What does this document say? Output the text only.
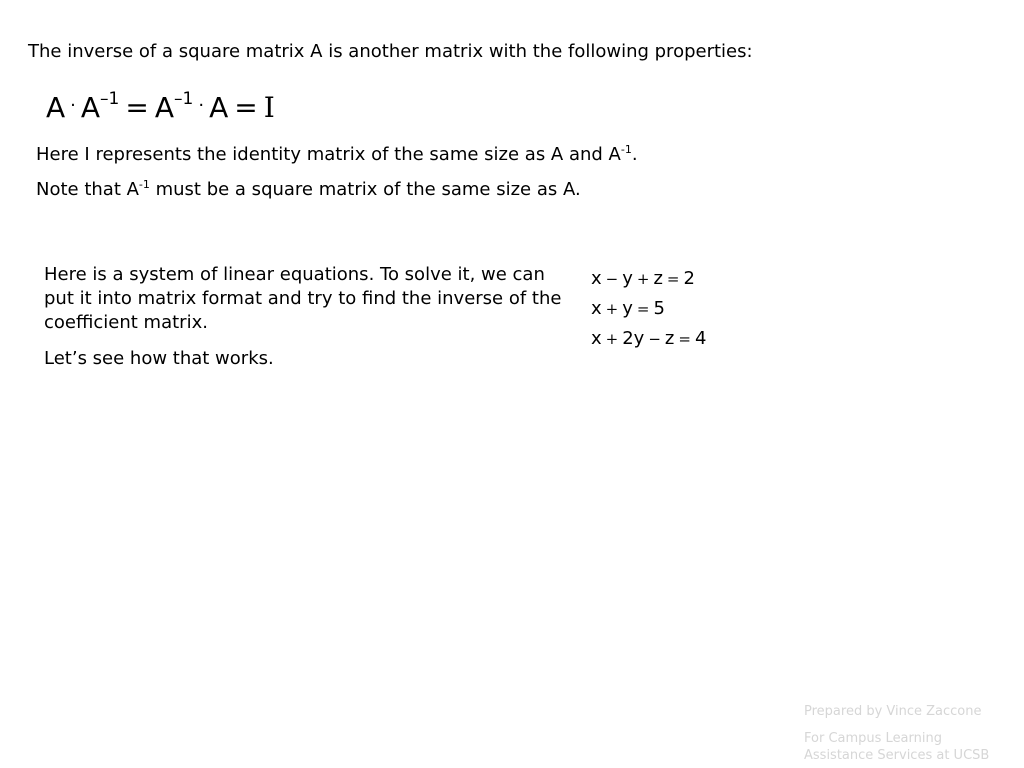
The inverse of a square matrix A is another matrix with the following properties:
A · $A^{-1} = A^{-1}$ · A = I
Here I represents the identity matrix of the same size as A and $A^{-1}$.
Note that $A^{-1}$ must be a square matrix of the same size as A.

Here is a system of linear equations. To solve it, we can put it into matrix format and try to find the inverse of the coefficient matrix.

Let’s see how that works.

x − y + z = 2
x + y = 5
x + 2y − z = 4
Prepared by Vince Zaccone
For Campus Learning
Assistance Services at UCSB
